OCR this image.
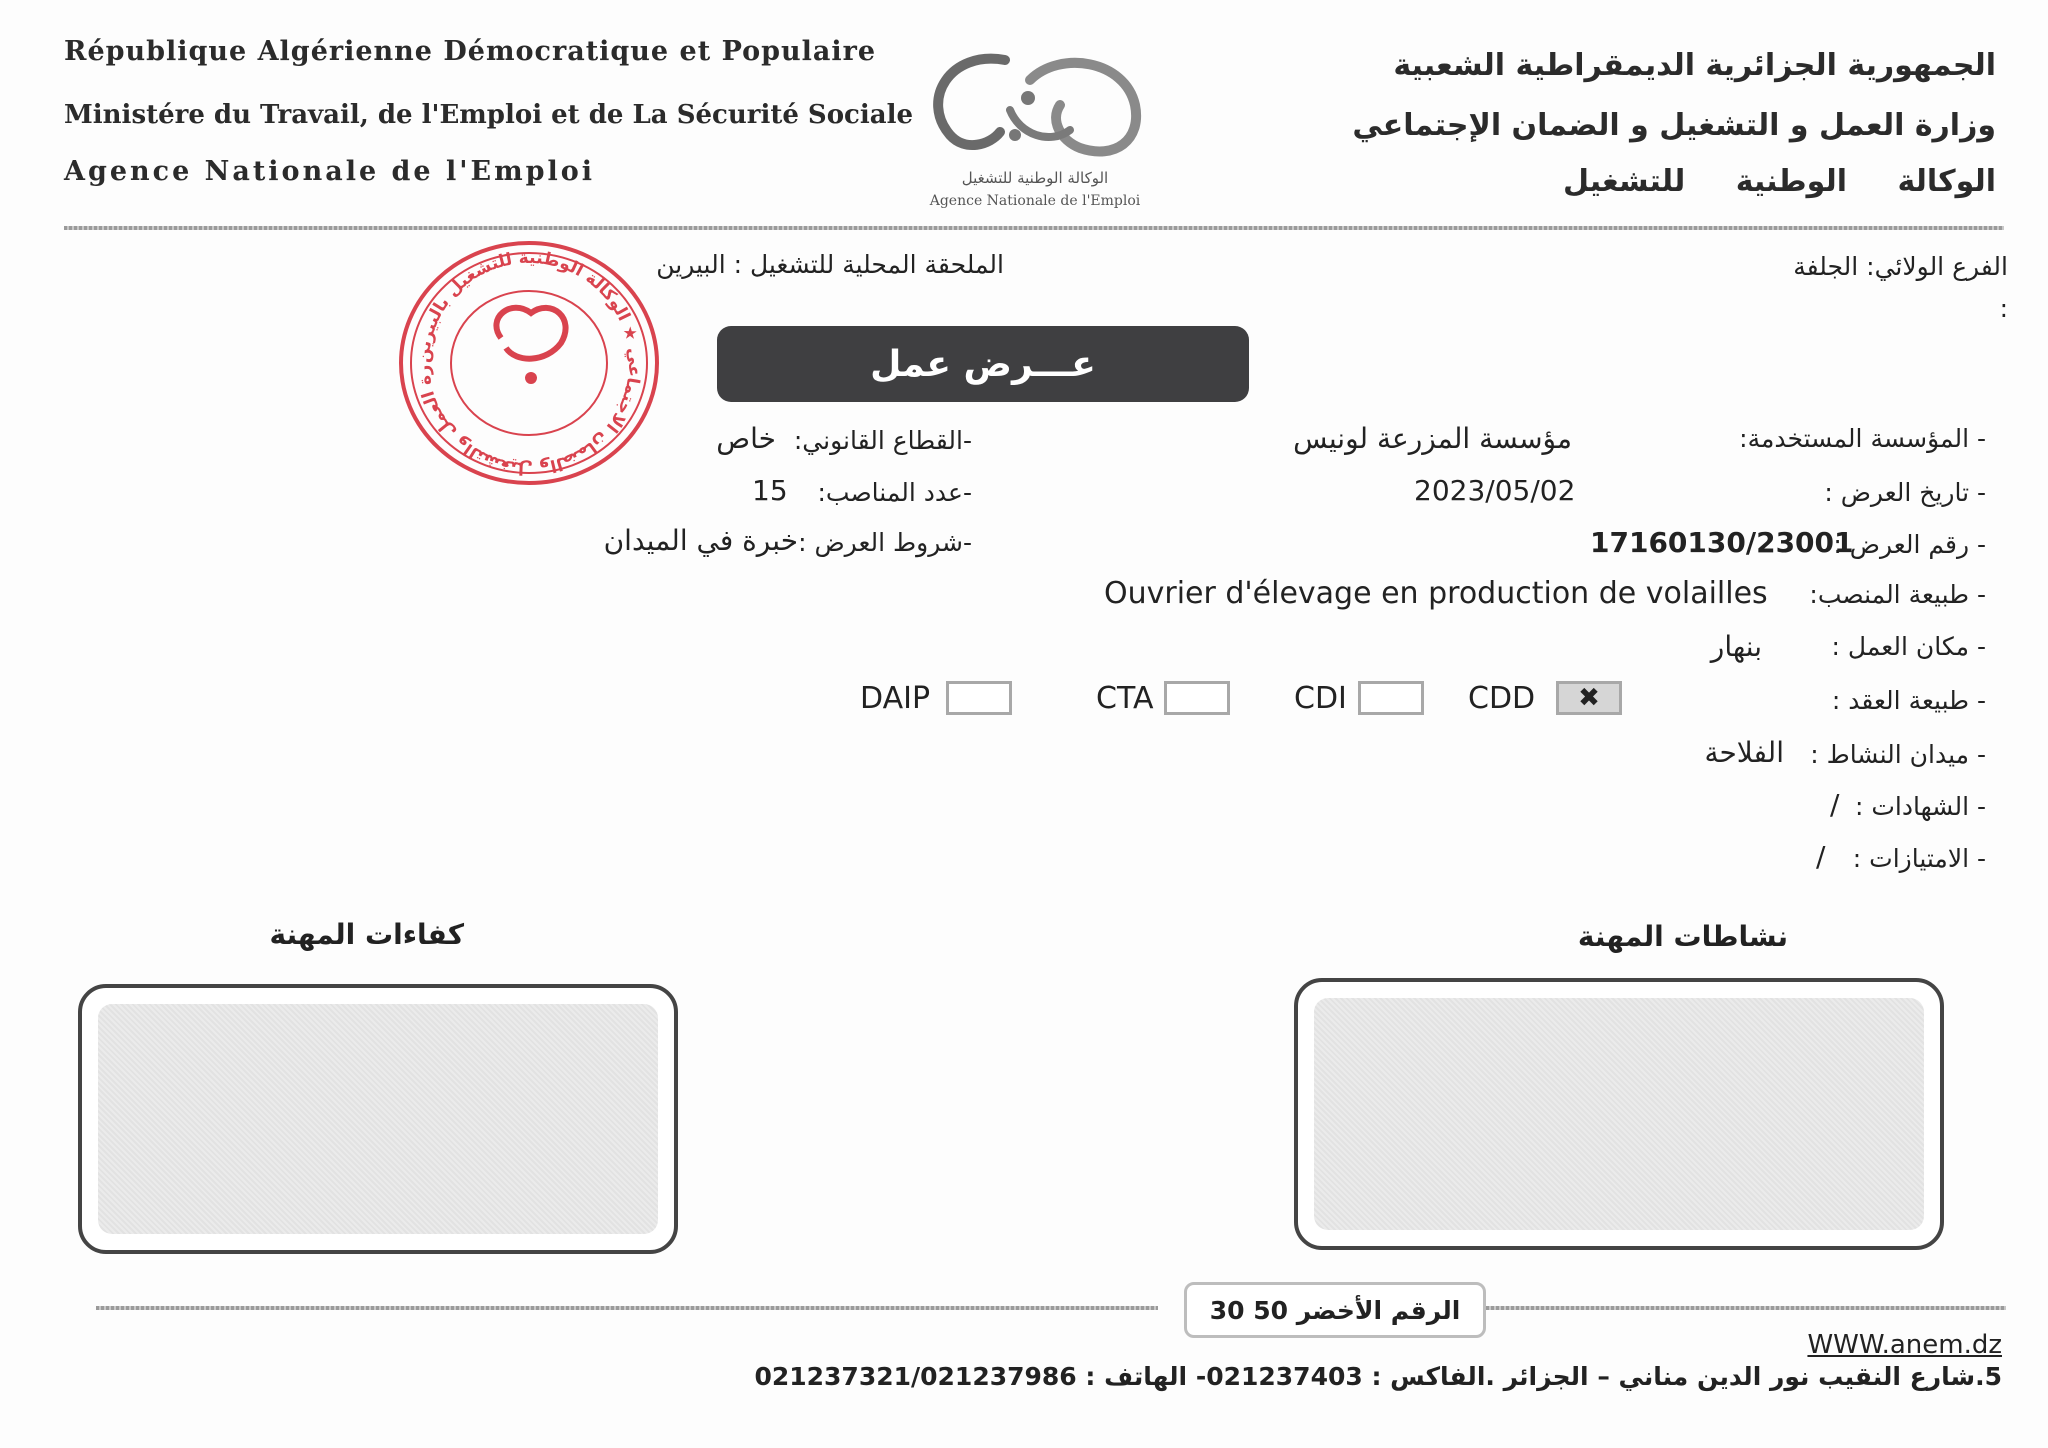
République Algérienne Démocratique et Populaire
Ministére du Travail, de l'Emploi et de La Sécurité Sociale
Agence Nationale de l'Emploi	الوكالة الوطنية للتشغيل
Agence Nationale de l'Emploi
الجمهورية الجزائرية الديمقراطية الشعبية
وزارة العمل و التشغيل و الضمان الإجتماعي
الوكالة الوطنية للتشغيل
الفرع الولائي: الجلفة
:
الملحقة المحلية للتشغيل : البيرين
رة العمل والتشغيل والضمان الاجتماعي ★ الوكالة الوطنية للتشغيل بالبيرين
عـــرض عمل
- المؤسسة المستخدمة:
مؤسسة المزرعة لونيس
- تاريخ العرض :
2023/05/02
- رقم العرض :
17160130/23001
- طبيعة المنصب:
Ouvrier d'élevage en production de volailles
- مكان العمل :
بنهار
- طبيعة العقد :
CDD	✖
CDI
CTA
DAIP
- ميدان النشاط :
الفلاحة
- الشهادات :
/
- الامتيازات :
/
-القطاع القانوني:
خاص
-عدد المناصب:
15
-شروط العرض :
خبرة في الميدان
نشاطات المهنة
كفاءات المهنة
الرقم الأخضر 50 30
WWW.anem.dz
5.شارع النقيب نور الدين مناني – الجزائر .الفاكس : 021237403- الهاتف : 021237321/021237986
